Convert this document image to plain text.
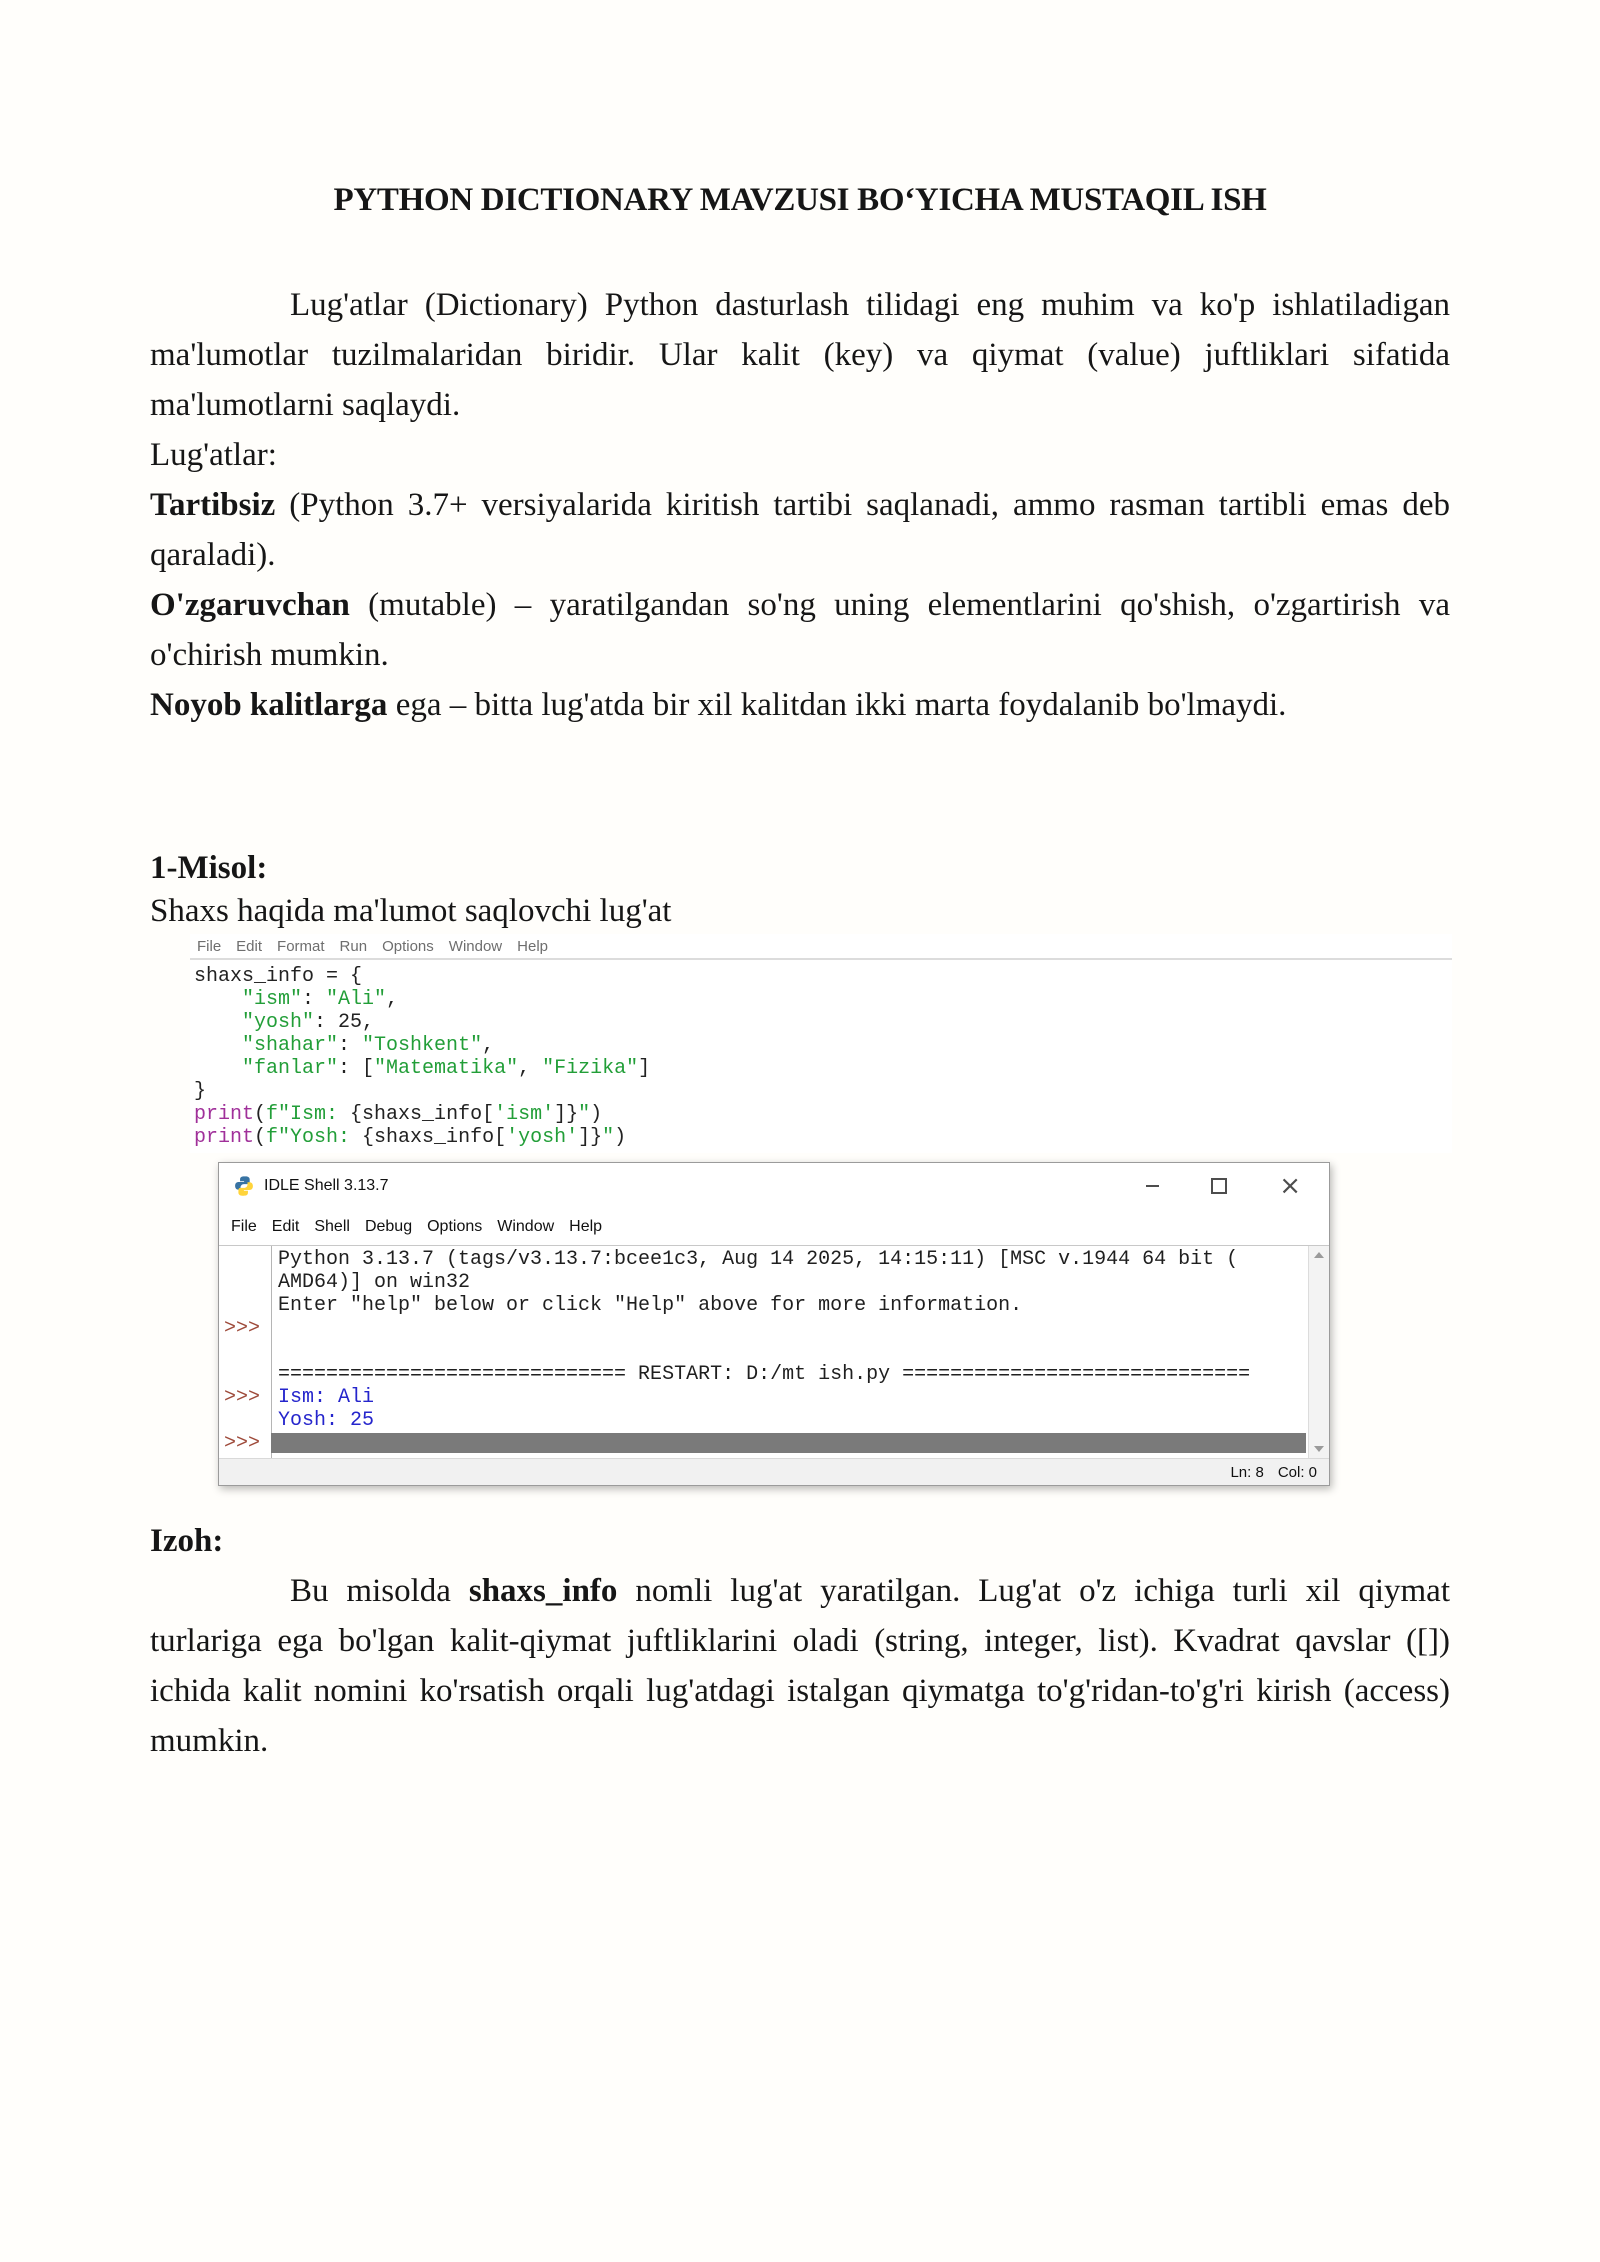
PYTHON DICTIONARY MAVZUSI BOʻYICHA MUSTAQIL ISH

Lug'atlar (Dictionary) Python dasturlash tilidagi eng muhim va ko'p ishlatiladigan ma'lumotlar tuzilmalaridan biridir. Ular kalit (key) va qiymat (value) juftliklari sifatida ma'lumotlarni saqlaydi.

Lug'atlar:

Tartibsiz (Python 3.7+ versiyalarida kiritish tartibi saqlanadi, ammo rasman tartibli emas deb qaraladi).

O'zgaruvchan (mutable) – yaratilgandan so'ng uning elementlarini qo'shish, o'zgartirish va o'chirish mumkin.

Noyob kalitlarga ega – bitta lug'atda bir xil kalitdan ikki marta foydalanib bo'lmaydi.

1-Misol:
Shaxs haqida ma'lumot saqlovchi lug'at
File Edit Format Run Options Window Help
shaxs_info = {
"ism": "Ali",
"yosh": 25,
"shahar": "Toshkent",
"fanlar": ["Matematika", "Fizika"]
}
print(f"Ism: {shaxs_info['ism']}")
print(f"Yosh: {shaxs_info['yosh']}")
IDLE Shell 3.13.7	×
File Edit Shell Debug Options Window Help
Python 3.13.7 (tags/v3.13.7:bcee1c3, Aug 14 2025, 14:15:11) [MSC v.1944 64 bit (
AMD64)] on win32
Enter "help" below or click "Help" above for more information.
>>>
============================= RESTART: D:/mt ish.py =============================
>>> Ism: Ali
Yosh: 25
>>>
Ln: 8 Col: 0
Izoh:

Bu misolda shaxs_info nomli lug'at yaratilgan. Lug'at o'z ichiga turli xil qiymat turlariga ega bo'lgan kalit-qiymat juftliklarini oladi (string, integer, list). Kvadrat qavslar ([]) ichida kalit nomini ko'rsatish orqali lug'atdagi istalgan qiymatga to'g'ridan-to'g'ri kirish (access) mumkin.
